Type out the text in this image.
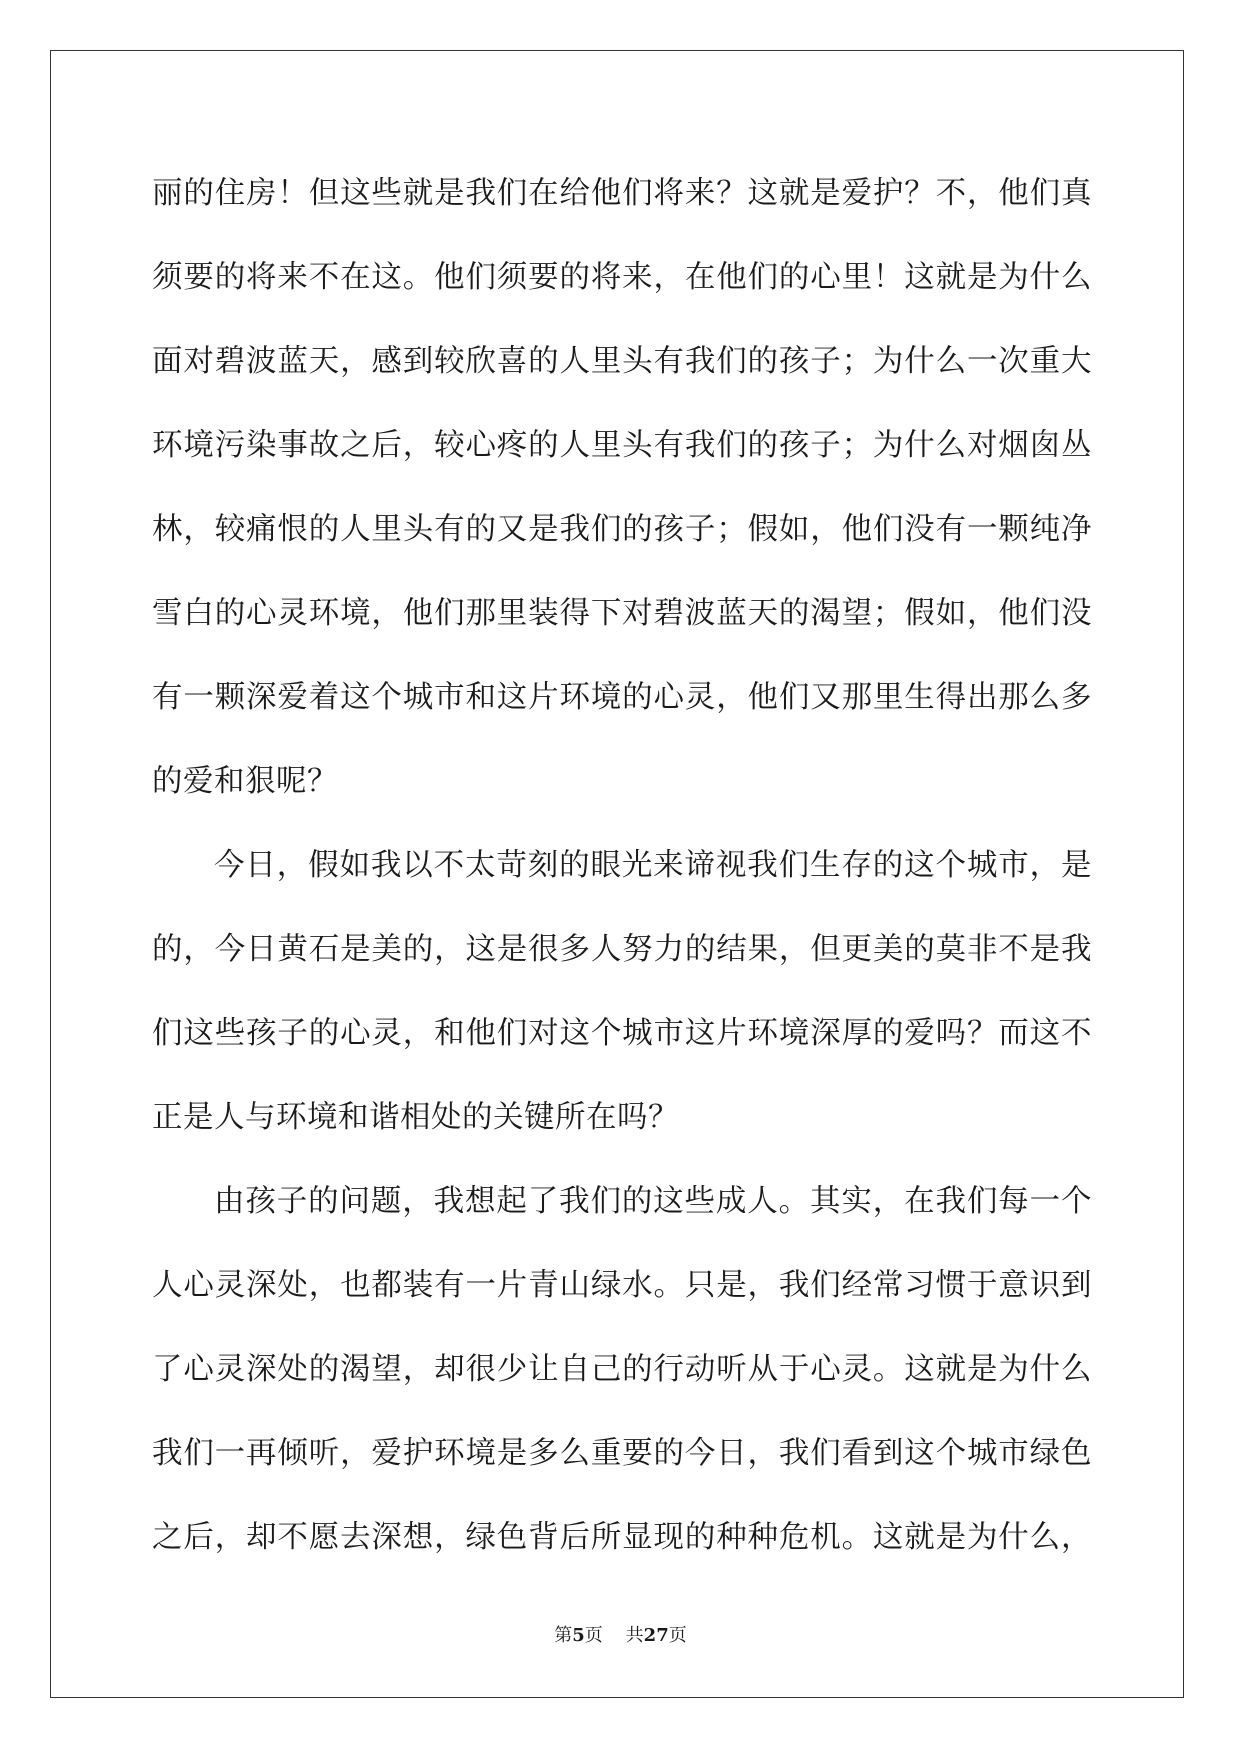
丽的住房！但这些就是我们在给他们将来？这就是爱护？不，他们真
须要的将来不在这。他们须要的将来，在他们的心里！这就是为什么
面对碧波蓝天，感到较欣喜的人里头有我们的孩子；为什么一次重大
环境污染事故之后，较心疼的人里头有我们的孩子；为什么对烟囱丛
林，较痛恨的人里头有的又是我们的孩子；假如，他们没有一颗纯净
雪白的心灵环境，他们那里装得下对碧波蓝天的渴望；假如，他们没
有一颗深爱着这个城市和这片环境的心灵，他们又那里生得出那么多
的爱和狠呢？
今日，假如我以不太苛刻的眼光来谛视我们生存的这个城市，是
的，今日黄石是美的，这是很多人努力的结果，但更美的莫非不是我
们这些孩子的心灵，和他们对这个城市这片环境深厚的爱吗？而这不
正是人与环境和谐相处的关键所在吗？
由孩子的问题，我想起了我们的这些成人。其实，在我们每一个
人心灵深处，也都装有一片青山绿水。只是，我们经常习惯于意识到
了心灵深处的渴望，却很少让自己的行动听从于心灵。这就是为什么
我们一再倾听，爱护环境是多么重要的今日，我们看到这个城市绿色
之后，却不愿去深想，绿色背后所显现的种种危机。这就是为什么，
第5页 共27页
